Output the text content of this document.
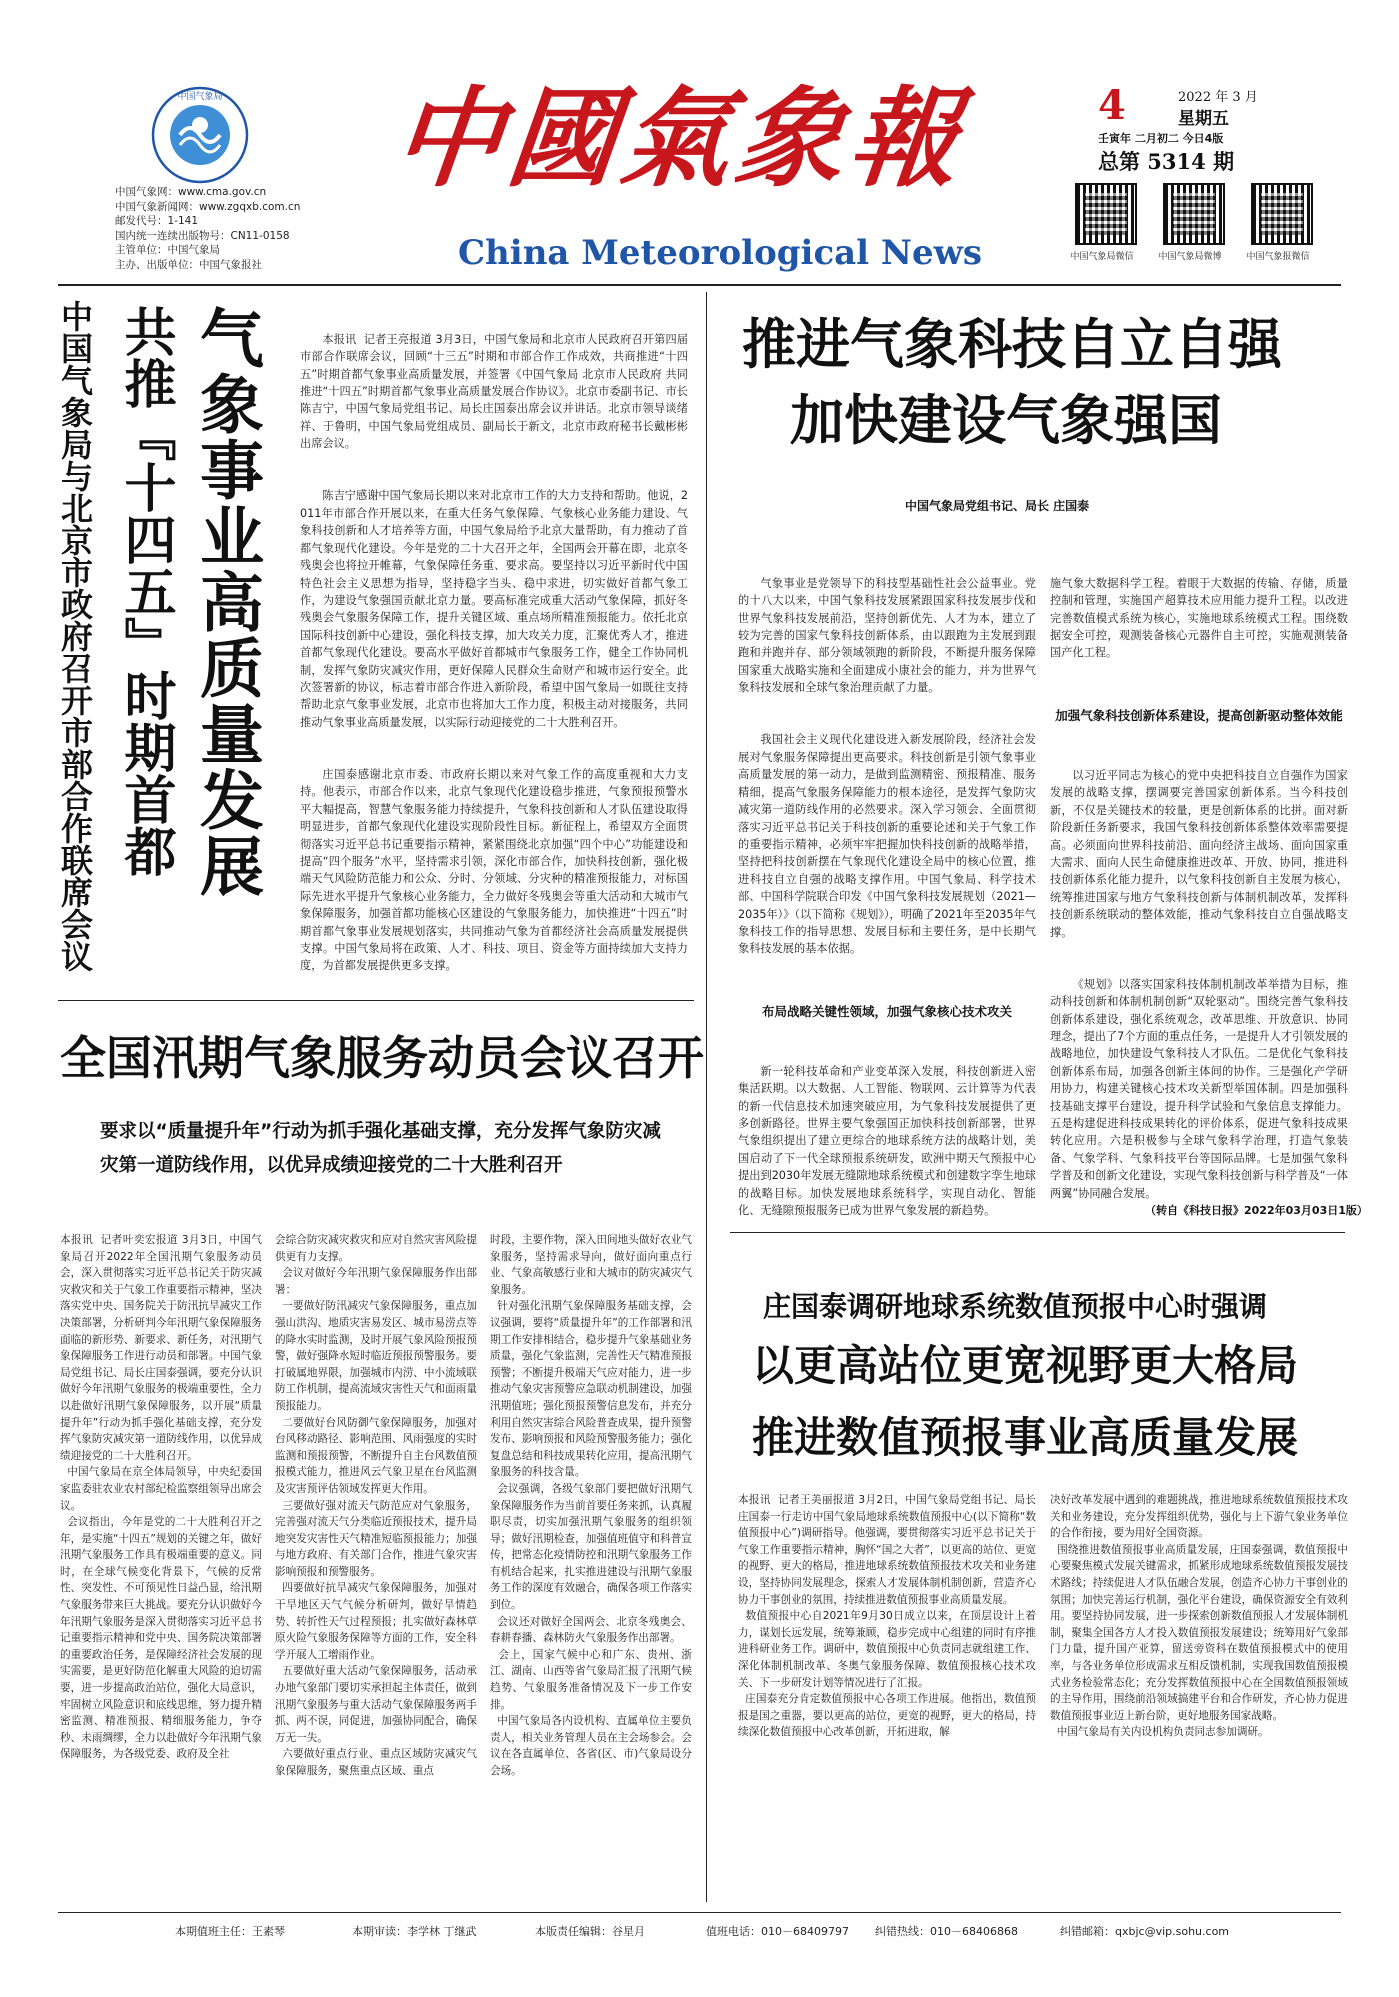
中国气象局
中国气象网：www.cma.gov.cn
中国气象新闻网：www.zgqxb.com.cn
邮发代号：1-141
国内统一连续出版物号：CN11-0158
主管单位：中国气象局
主办、出版单位：中国气象报社
中國氣象報
China Meteorological News
4	2022 年 3 月
星期五
壬寅年 二月初二 今日4版
总第 5314 期
中国气象局微信	中国气象局微博	中国气象报微信
气象事业高质量发展
共推『十四五』时期首都
中国气象局与北京市政府召开市部合作联席会议

	本报讯  记者王亮报道 3月3日，中国气象局和北京市人民政府召开第四届市部合作联席会议，回顾“十三五”时期和市部合作工作成效，共商推进“十四五”时期首都气象事业高质量发展，并签署《中国气象局 北京市人民政府 共同推进“十四五”时期首都气象事业高质量发展合作协议》。北京市委副书记、市长陈吉宁，中国气象局党组书记、局长庄国泰出席会议并讲话。北京市领导谈绪祥、于鲁明，中国气象局党组成员、副局长于新文，北京市政府秘书长戴彬彬出席会议。

陈吉宁感谢中国气象局长期以来对北京市工作的大力支持和帮助。他说，2011年市部合作开展以来，在重大任务气象保障、气象核心业务能力建设、气象科技创新和人才培养等方面，中国气象局给予北京大量帮助，有力推动了首都气象现代化建设。今年是党的二十大召开之年，全国两会开幕在即，北京冬残奥会也将拉开帷幕，气象保障任务重、要求高。要坚持以习近平新时代中国特色社会主义思想为指导，坚持稳字当头、稳中求进，切实做好首都气象工作，为建设气象强国贡献北京力量。要高标准完成重大活动气象保障，抓好冬残奥会气象服务保障工作，提升关键区域、重点场所精准预报能力。依托北京国际科技创新中心建设，强化科技支撑，加大攻关力度，汇聚优秀人才，推进首都气象现代化建设。要高水平做好首都城市气象服务工作，健全工作协同机制，发挥气象防灾减灾作用，更好保障人民群众生命财产和城市运行安全。此次签署新的协议，标志着市部合作进入新阶段，希望中国气象局一如既往支持帮助北京气象事业发展，北京市也将加大工作力度，积极主动对接服务，共同推动气象事业高质量发展，以实际行动迎接党的二十大胜利召开。

庄国泰感谢北京市委、市政府长期以来对气象工作的高度重视和大力支持。他表示，市部合作以来，北京气象现代化建设稳步推进，气象预报预警水平大幅提高，智慧气象服务能力持续提升，气象科技创新和人才队伍建设取得明显进步，首都气象现代化建设实现阶段性目标。新征程上，希望双方全面贯彻落实习近平总书记重要指示精神，紧紧围绕北京加强“四个中心”功能建设和提高“四个服务”水平，坚持需求引领，深化市部合作，加快科技创新，强化极端天气风险防范能力和公众、分时、分领域、分灾种的精准预报能力，对标国际先进水平提升气象核心业务能力，全力做好冬残奥会等重大活动和大城市气象保障服务，加强首都功能核心区建设的气象服务能力，加快推进“十四五”时期首都气象事业发展规划落实，共同推动气象为首都经济社会高质量发展提供支撑。中国气象局将在政策、人才、科技、项目、资金等方面持续加大支持力度，为首都发展提供更多支撑。

推进气象科技自立自强
加快建设气象强国
中国气象局党组书记、局长 庄国泰

气象事业是党领导下的科技型基础性社会公益事业。党的十八大以来，中国气象科技发展紧跟国家科技发展步伐和世界气象科技发展前沿，坚持创新优先、人才为本，建立了较为完善的国家气象科技创新体系，由以跟跑为主发展到跟跑和并跑并存、部分领域领跑的新阶段，不断提升服务保障国家重大战略实施和全面建成小康社会的能力，并为世界气象科技发展和全球气象治理贡献了力量。

我国社会主义现代化建设进入新发展阶段，经济社会发展对气象服务保障提出更高要求。科技创新是引领气象事业高质量发展的第一动力，是做到监测精密、预报精准、服务精细，提高气象服务保障能力的根本途径，是发挥气象防灾减灾第一道防线作用的必然要求。深入学习领会、全面贯彻落实习近平总书记关于科技创新的重要论述和关于气象工作的重要指示精神，必须牢牢把握加快科技创新的战略举措，坚持把科技创新摆在气象现代化建设全局中的核心位置，推进科技自立自强的战略支撑作用。中国气象局、科学技术部、中国科学院联合印发《中国气象科技发展规划（2021—2035年）》（以下简称《规划》），明确了2021年至2035年气象科技工作的指导思想、发展目标和主要任务，是中长期气象科技发展的基本依据。

布局战略关键性领域，加强气象核心技术攻关

新一轮科技革命和产业变革深入发展，科技创新进入密集活跃期。以大数据、人工智能、物联网、云计算等为代表的新一代信息技术加速突破应用，为气象科技发展提供了更多创新路径。世界主要气象强国正加快科技创新部署，世界气象组织提出了建立更综合的地球系统方法的战略计划，美国启动了下一代全球预报系统研发，欧洲中期天气预报中心提出到2030年发展无缝隙地球系统模式和创建数字孪生地球的战略目标。加快发展地球系统科学，实现自动化、智能化、无缝隙预报服务已成为世界气象发展的新趋势。

施气象大数据科学工程。着眼于大数据的传输、存储，质量控制和管理，实施国产超算技术应用能力提升工程。以改进完善数值模式系统为核心，实施地球系统模式工程。围绕数据安全可控，观测装备核心元器件自主可控，实施观测装备国产化工程。

加强气象科技创新体系建设，提高创新驱动整体效能

以习近平同志为核心的党中央把科技自立自强作为国家发展的战略支撑，摆调要完善国家创新体系。当今科技创新，不仅是关键技术的较量，更是创新体系的比拼。面对新阶段新任务新要求，我国气象科技创新体系整体效率需要提高。必须面向世界科技前沿、面向经济主战场、面向国家重大需求、面向人民生命健康推进改革、开放、协同，推进科技创新体系化能力提升，以气象科技创新自主发展为核心，统筹推进国家与地方气象科技创新与体制机制改革，发挥科技创新系统联动的整体效能，推动气象科技自立自强战略支撑。

《规划》以落实国家科技体制机制改革举措为目标，推动科技创新和体制机制创新“双轮驱动”。围绕完善气象科技创新体系建设，强化系统观念，改革思维、开放意识、协同理念，提出了7个方面的重点任务，一是提升人才引领发展的战略地位，加快建设气象科技人才队伍。二是优化气象科技创新体系布局，加强各创新主体间的协作。三是强化产学研用协力，构建关键核心技术攻关新型举国体制。四是加强科技基础支撑平台建设，提升科学试验和气象信息支撑能力。五是构建促进科技成果转化的评价体系，促进气象科技成果转化应用。六是积极参与全球气象科学治理，打造气象装备、气象学科、气象科技平台等国际品牌。七是加强气象科学普及和创新文化建设，实现气象科技创新与科学普及“一体两翼”协同融合发展。

（转自《科技日报》2022年03月03日1版）
全国汛期气象服务动员会议召开
要求以“质量提升年”行动为抓手强化基础支撑，充分发挥气象防灾减灾第一道防线作用，以优异成绩迎接党的二十大胜利召开
本报讯  记者叶奕宏报道 3月3日，中国气象局召开2022年全国汛期气象服务动员会，深入贯彻落实习近平总书记关于防灾减灾救灾和关于气象工作重要指示精神，坚决落实党中央、国务院关于防汛抗旱减灾工作决策部署，分析研判今年汛期气象保障服务面临的新形势、新要求、新任务，对汛期气象保障服务工作进行动员和部署。中国气象局党组书记、局长庄国泰强调，要充分认识做好今年汛期气象服务的极端重要性，全力以赴做好汛期气象保障服务，以开展“质量提升年”行动为抓手强化基础支撑，充分发挥气象防灾减灾第一道防线作用，以优异成绩迎接党的二十大胜利召开。
中国气象局在京全体局领导，中央纪委国家监委驻农业农村部纪检监察组领导出席会议。
会议指出，今年是党的二十大胜利召开之年，是实施“十四五”规划的关键之年，做好汛期气象服务工作具有极端重要的意义。同时，在全球气候变化背景下，气候的反常性、突发性、不可预见性日益凸显，给汛期气象服务带来巨大挑战。要充分认识做好今年汛期气象服务是深入贯彻落实习近平总书记重要指示精神和党中央、国务院决策部署的重要政治任务，是保障经济社会发展的现实需要，是更好防范化解重大风险的迫切需要，进一步提高政治站位，强化大局意识，牢固树立风险意识和底线思维，努力提升精密监测、精准预报、精细服务能力，争夺秒、未雨绸缪，全力以赴做好今年汛期气象保障服务，为各级党委、政府及全社
会综合防灾减灾救灾和应对自然灾害风险提供更有力支撑。
会议对做好今年汛期气象保障服务作出部署：
一要做好防汛减灾气象保障服务，重点加强山洪沟、地质灾害易发区、城市易涝点等的降水实时监测，及时开展气象风险预报预警，做好强降水短时临近预报预警服务。要打破属地界限，加强城市内涝、中小流域联防工作机制，提高流域灾害性天气和面雨量预报能力。
二要做好台风防御气象保障服务，加强对台风移动路径、影响范围、风雨强度的实时监测和预报预警，不断提升自主台风数值预报模式能力，推进风云气象卫星在台风监测及灾害预评估领域发挥更大作用。
三要做好强对流天气防范应对气象服务，完善强对流天气分类临近预报技术，提升局地突发灾害性天气精准短临预报能力；加强与地方政府、有关部门合作，推进气象灾害影响预报和预警服务。
四要做好抗旱减灾气象保障服务，加强对干旱地区天气气候分析研判，做好旱情趋势、转折性天气过程预报；扎实做好森林草原火险气象服务保障等方面的工作，安全科学开展人工增雨作业。
五要做好重大活动气象保障服务，活动承办地气象部门要切实承担起主体责任，做到汛期气象服务与重大活动气象保障服务两手抓、两不误，同促进，加强协同配合，确保万无一失。
六要做好重点行业、重点区域防灾减灾气象保障服务，聚焦重点区域、重点
时段，主要作物，深入田间地头做好农业气象服务，坚持需求导向，做好面向重点行业、气象高敏感行业和大城市的防灾减灾气象服务。
针对强化汛期气象保障服务基础支撑，会议强调，要将“质量提升年”的工作部署和汛期工作安排相结合，稳步提升气象基础业务质量，强化气象监测，完善性天气精准预报预警；不断提升极端天气应对能力，进一步推动气象灾害预警应急联动机制建设，加强汛期值班；强化预报预警信息发布，并充分利用自然灾害综合风险普查成果，提升预警发布、影响预报和风险预警服务能力；强化复盘总结和科技成果转化应用，提高汛期气象服务的科技含量。
会议强调，各级气象部门要把做好汛期气象保障服务作为当前首要任务来抓，认真履职尽责，切实加强汛期气象服务的组织领导；做好汛期检查，加强值班值守和科普宣传，把常态化疫情防控和汛期气象服务工作有机结合起来，扎实推进建设与汛期气象服务工作的深度有效融合，确保各项工作落实到位。
会议还对做好全国两会、北京冬残奥会、春耕春播、森林防火气象服务作出部署。
会上，国家气候中心和广东、贵州、浙江、湖南、山西等省气象局汇报了汛期气候趋势、气象服务准备情况及下一步工作安排。
中国气象局各内设机构、直属单位主要负责人，相关业务管理人员在主会场参会。会议在各直属单位、各省(区、市)气象局设分会场。
庄国泰调研地球系统数值预报中心时强调
以更高站位更宽视野更大格局
推进数值预报事业高质量发展
本报讯  记者王美丽报道 3月2日，中国气象局党组书记、局长庄国泰一行走访中国气象局地球系统数值预报中心(以下简称“数值预报中心”)调研指导。他强调，要贯彻落实习近平总书记关于气象工作重要指示精神，胸怀“国之大者”，以更高的站位、更宽的视野、更大的格局，推进地球系统数值预报技术攻关和业务建设，坚持协同发展理念，探索人才发展体制机制创新，营造齐心协力干事创业的氛围，持续推进数值预报事业高质量发展。
数值预报中心自2021年9月30日成立以来，在顶层设计上着力，谋划长远发展，统筹兼顾，稳步完成中心组建的同时有序推进科研业务工作。调研中，数值预报中心负责同志就组建工作、深化体制机制改革、冬奥气象服务保障、数值预报核心技术攻关、下一步研发计划等情况进行了汇报。
庄国泰充分肯定数值预报中心各项工作进展。他指出，数值预报是国之重器，要以更高的站位，更宽的视野，更大的格局，持续深化数值预报中心改革创新，开拓进取，解
决好改革发展中遇到的难题挑战，推进地球系统数值预报技术攻关和业务建设，充分发挥组织优势，强化与上下游气象业务单位的合作衔接，要为用好全国资源。
围绕推进数值预报事业高质量发展，庄国泰强调，数值预报中心要聚焦模式发展关键需求，抓紧形成地球系统数值预报发展技术路线；持续促进人才队伍融合发展，创造齐心协力干事创业的氛围；加快完善运行机制，强化平台建设，确保资源安全有效利用。要坚持协同发展，进一步探索创新数值预报人才发展体制机制，聚集全国各方人才投入数值预报发展建设；统筹用好气象部门力量，提升国产亚算，留送旁资科在数值预报模式中的使用率，与各业务单位形成需求互相反馈机制，实现我国数值预报模式业务检验常态化；充分发挥数值预报中心在全国数值预报领域的主导作用，围绕前沿领域搞建平台和合作研发，齐心协力促进数值预报事业迈上新台阶，更好地服务国家战略。
中国气象局有关内设机构负责同志参加调研。
本期值班主任：王素琴	本期审读：李学林 丁继武	本版责任编辑：谷星月	值班电话：010－68409797 纠错热线：010－68406868	纠错邮箱：qxbjc@vip.sohu.com
